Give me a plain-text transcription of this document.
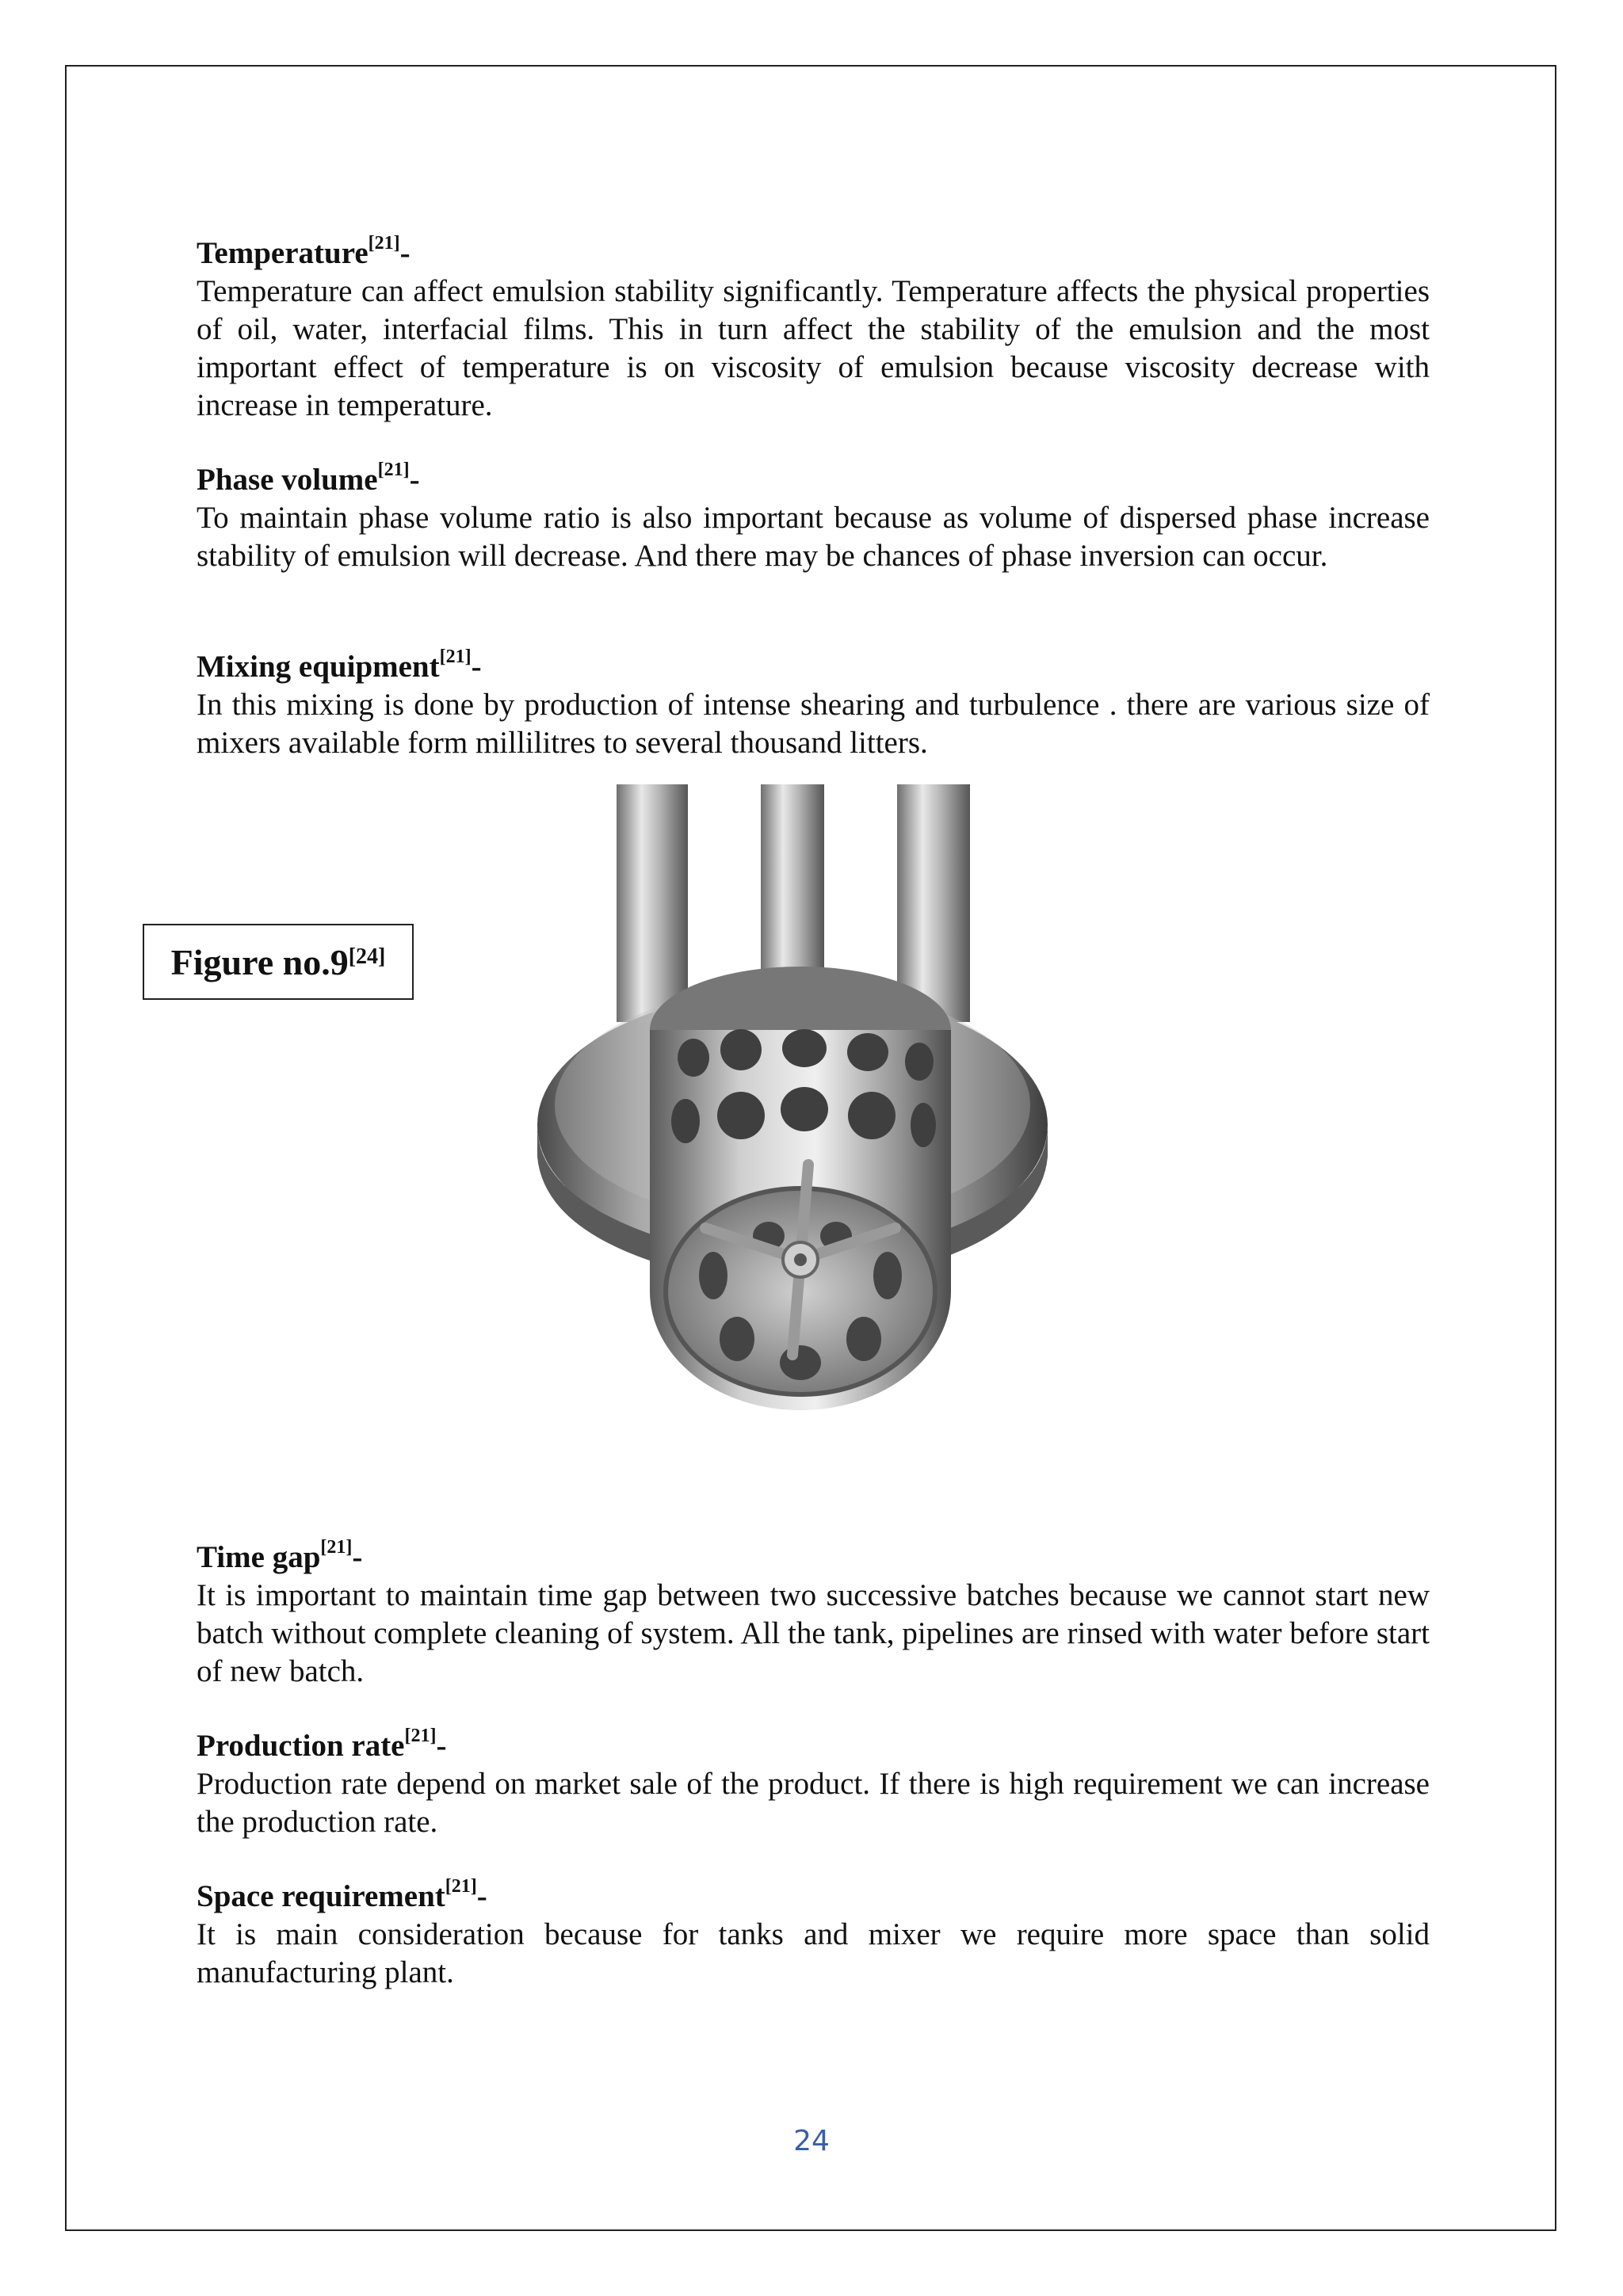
Temperature[21]-

Temperature can affect emulsion stability significantly. Temperature affects the physical properties of oil, water, interfacial films. This in turn affect the stability of the emulsion and the most important effect of temperature is on viscosity of emulsion because viscosity decrease with increase in temperature.

Phase volume[21]-

To maintain phase volume ratio is also important because as volume of dispersed phase increase stability of emulsion will decrease. And there may be chances of phase inversion can occur.

Mixing equipment[21]-

In this mixing is done by production of intense shearing and turbulence . there are various size of mixers available form millilitres to several thousand litters.

Time gap[21]-

It is important to maintain time gap between two successive batches because we cannot start new batch without complete cleaning of system. All the tank, pipelines are rinsed with water before start of new batch.

Production rate[21]-

Production rate depend on market sale of the product. If there is high requirement we can increase the production rate.

Space requirement[21]-

It is main consideration because for tanks and mixer we require more space than solid manufacturing plant.

Figure no.9[24]
24
